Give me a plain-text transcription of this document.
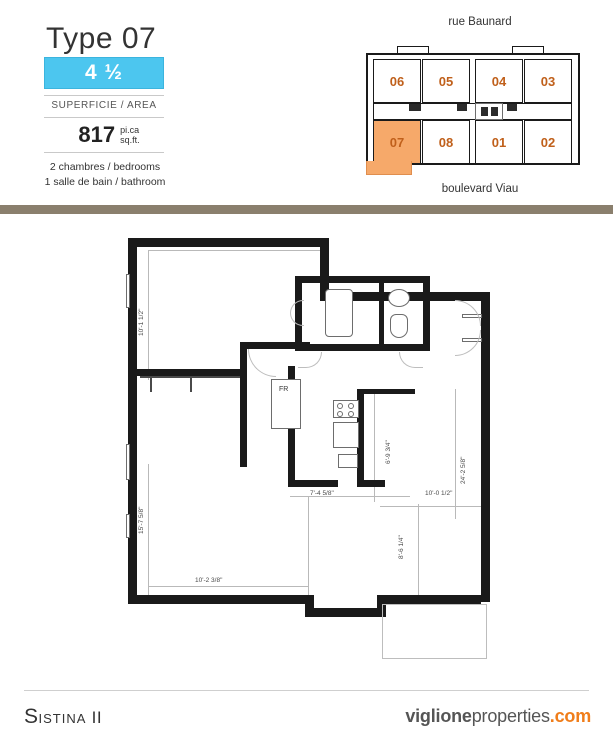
Type 07
4 ½
SUPERFICIE / AREA
817 pi.ca
sq.ft.
2 chambres / bedrooms
1 salle de bain / bathroom
rue Baunard
boulevard Viau
06	05	04	03
07	08	01	02
10'-1 1/2"
15'-7 5/8"
10'-2 3/8"
7'-4 5/8"
6'-9 3/4"
24'-2 5/8"
10'-0 1/2"
8'-6 1/4"
FR
SISTINA II	viglioneproperties.com
